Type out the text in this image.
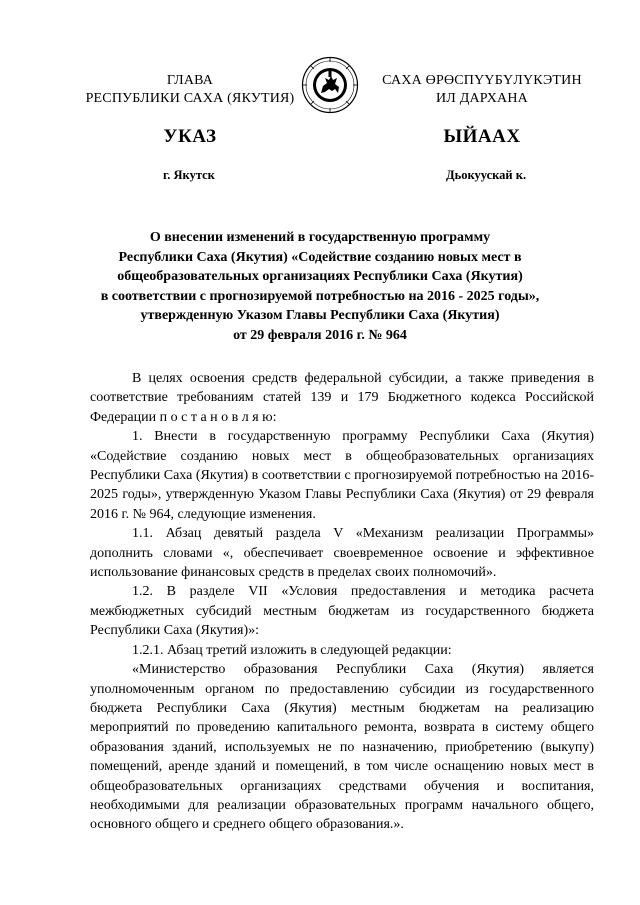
ГЛАВА
РЕСПУБЛИКИ САХА (ЯКУТИЯ)
САХА ӨРӨСПҮҮБҮЛҮКЭТИН
ИЛ ДАРХАНА
УКАЗ	ЫЙААХ
г. Якутск	Дьокуускай к.
О внесении изменений в государственную программу
Республики Саха (Якутия) «Содействие созданию новых мест в
общеобразовательных организациях Республики Саха (Якутия)
в соответствии с прогнозируемой потребностью на 2016 - 2025 годы»,
утвержденную Указом Главы Республики Саха (Якутия)
от 29 февраля 2016 г. № 964

В целях освоения средств федеральной субсидии, а также приведения в соответствие требованиям статей 139 и 179 Бюджетного кодекса Российской Федерации п о с т а н о в л я ю:

1. Внести в государственную программу Республики Саха (Якутия) «Содействие созданию новых мест в общеобразовательных организациях Республики Саха (Якутия) в соответствии с прогнозируемой потребностью на 2016-2025 годы», утвержденную Указом Главы Республики Саха (Якутия) от 29 февраля 2016 г. № 964, следующие изменения.

1.1. Абзац девятый раздела V «Механизм реализации Программы» дополнить словами «, обеспечивает своевременное освоение и эффективное использование финансовых средств в пределах своих полномочий».

1.2. В разделе VII «Условия предоставления и методика расчета межбюджетных субсидий местным бюджетам из государственного бюджета Республики Саха (Якутия)»:

1.2.1. Абзац третий изложить в следующей редакции:

«Министерство образования Республики Саха (Якутия) является уполномоченным органом по предоставлению субсидии из государственного бюджета Республики Саха (Якутия) местным бюджетам на реализацию мероприятий по проведению капитального ремонта, возврата в систему общего образования зданий, используемых не по назначению, приобретению (выкупу) помещений, аренде зданий и помещений, в том числе оснащению новых мест в общеобразовательных организациях средствами обучения и воспитания, необходимыми для реализации образовательных программ начального общего, основного общего и среднего общего образования.».
